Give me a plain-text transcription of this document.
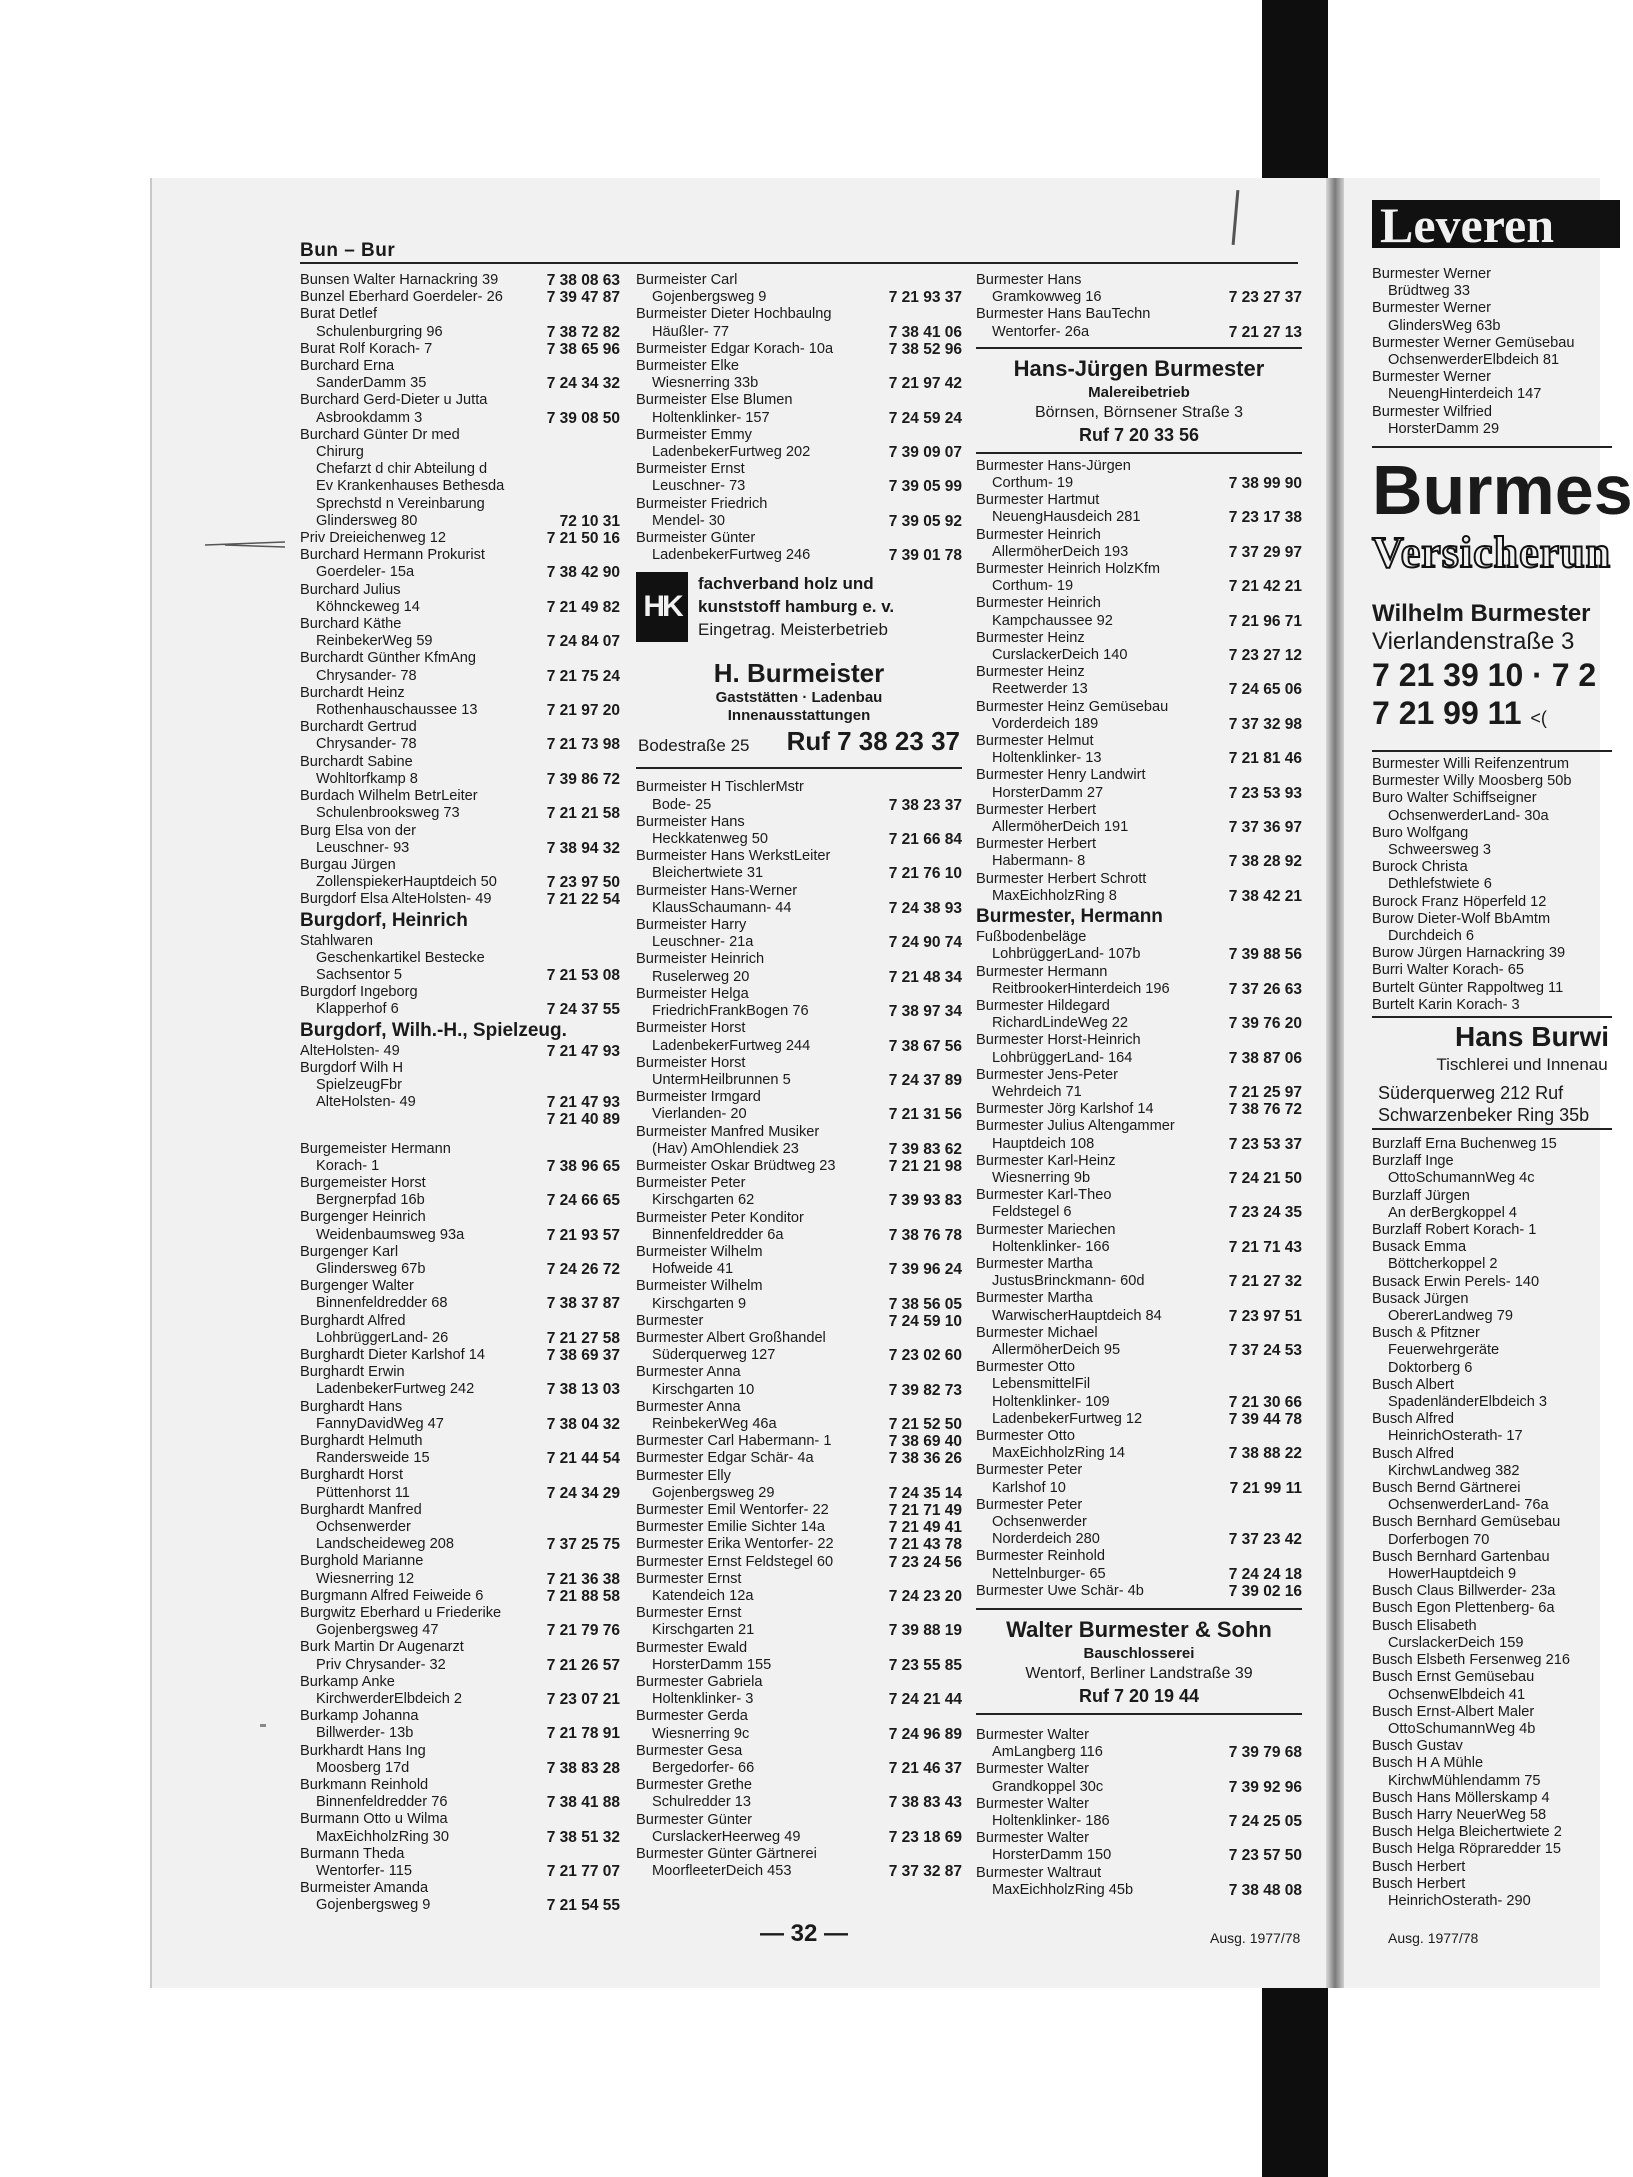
Bun – Bur
Bunsen Walter Harnackring 39	7 38 08 63
Bunzel Eberhard Goerdeler- 26	7 39 47 87
Burat Detlef
Schulenburgring 96	7 38 72 82
Burat Rolf Korach- 7	7 38 65 96
Burchard Erna
SanderDamm 35	7 24 34 32
Burchard Gerd-Dieter u Jutta
Asbrookdamm 3	7 39 08 50
Burchard Günter Dr med
Chirurg
Chefarzt d chir Abteilung d
Ev Krankenhauses Bethesda
Sprechstd n Vereinbarung
Glindersweg 80	72 10 31
Priv Dreieichenweg 12	7 21 50 16
Burchard Hermann Prokurist
Goerdeler- 15a	7 38 42 90
Burchard Julius
Köhnckeweg 14	7 21 49 82
Burchard Käthe
ReinbekerWeg 59	7 24 84 07
Burchardt Günther KfmAng
Chrysander- 78	7 21 75 24
Burchardt Heinz
Rothenhauschaussee 13	7 21 97 20
Burchardt Gertrud
Chrysander- 78	7 21 73 98
Burchardt Sabine
Wohltorfkamp 8	7 39 86 72
Burdach Wilhelm BetrLeiter
Schulenbrooksweg 73	7 21 21 58
Burg Elsa von der
Leuschner- 93	7 38 94 32
Burgau Jürgen
ZollenspiekerHauptdeich 50	7 23 97 50
Burgdorf Elsa AlteHolsten- 49	7 21 22 54
Burgdorf, Heinrich
Stahlwaren
Geschenkartikel Bestecke
Sachsentor 5	7 21 53 08
Burgdorf Ingeborg
Klapperhof 6	7 24 37 55
Burgdorf, Wilh.-H., Spielzeug.
AlteHolsten- 49	7 21 47 93
Burgdorf Wilh H
SpielzeugFbr
AlteHolsten- 49	7 21 47 93

7 21 40 89
Burgemeister Hermann
Korach- 1	7 38 96 65
Burgemeister Horst
Bergnerpfad 16b	7 24 66 65
Burgenger Heinrich
Weidenbaumsweg 93a	7 21 93 57
Burgenger Karl
Glindersweg 67b	7 24 26 72
Burgenger Walter
Binnenfeldredder 68	7 38 37 87
Burghardt Alfred
LohbrüggerLand- 26	7 21 27 58
Burghardt Dieter Karlshof 14	7 38 69 37
Burghardt Erwin
LadenbekerFurtweg 242	7 38 13 03
Burghardt Hans
FannyDavidWeg 47	7 38 04 32
Burghardt Helmuth
Randersweide 15	7 21 44 54
Burghardt Horst
Püttenhorst 11	7 24 34 29
Burghardt Manfred
Ochsenwerder
Landscheideweg 208	7 37 25 75
Burghold Marianne
Wiesnerring 12	7 21 36 38
Burgmann Alfred Feiweide 6	7 21 88 58
Burgwitz Eberhard u Friederike
Gojenbergsweg 47	7 21 79 76
Burk Martin Dr Augenarzt
Priv Chrysander- 32	7 21 26 57
Burkamp Anke
KirchwerderElbdeich 2	7 23 07 21
Burkamp Johanna
Billwerder- 13b	7 21 78 91
Burkhardt Hans Ing
Moosberg 17d	7 38 83 28
Burkmann Reinhold
Binnenfeldredder 76	7 38 41 88
Burmann Otto u Wilma
MaxEichholzRing 30	7 38 51 32
Burmann Theda
Wentorfer- 115	7 21 77 07
Burmeister Amanda
Gojenbergsweg 9	7 21 54 55
Burmeister Carl
Gojenbergsweg 9	7 21 93 37
Burmeister Dieter Hochbaulng
Häußler- 77	7 38 41 06
Burmeister Edgar Korach- 10a	7 38 52 96
Burmeister Elke
Wiesnerring 33b	7 21 97 42
Burmeister Else Blumen
Holtenklinker- 157	7 24 59 24
Burmeister Emmy
LadenbekerFurtweg 202	7 39 09 07
Burmeister Ernst
Leuschner- 73	7 39 05 99
Burmeister Friedrich
Mendel- 30	7 39 05 92
Burmeister Günter
LadenbekerFurtweg 246	7 39 01 78
HK H
fachverband holz und
kunststoff hamburg e. v.
Eingetrag. Meisterbetrieb
H. Burmeister
Gaststätten · Ladenbau
Innenausstattungen
Bodestraße 25 Ruf 7 38 23 37
Burmeister H TischlerMstr
Bode- 25	7 38 23 37
Burmeister Hans
Heckkatenweg 50	7 21 66 84
Burmeister Hans WerkstLeiter
Bleichertwiete 31	7 21 76 10
Burmeister Hans-Werner
KlausSchaumann- 44	7 24 38 93
Burmeister Harry
Leuschner- 21a	7 24 90 74
Burmeister Heinrich
Ruselerweg 20	7 21 48 34
Burmeister Helga
FriedrichFrankBogen 76	7 38 97 34
Burmeister Horst
LadenbekerFurtweg 244	7 38 67 56
Burmeister Horst
UntermHeilbrunnen 5	7 24 37 89
Burmeister Irmgard
Vierlanden- 20	7 21 31 56
Burmeister Manfred Musiker
(Hav) AmOhlendiek 23	7 39 83 62
Burmeister Oskar Brüdtweg 23	7 21 21 98
Burmeister Peter
Kirschgarten 62	7 39 93 83
Burmeister Peter Konditor
Binnenfeldredder 6a	7 38 76 78
Burmeister Wilhelm
Hofweide 41	7 39 96 24
Burmeister Wilhelm
Kirschgarten 9	7 38 56 05
Burmester	7 24 59 10
Burmester Albert Großhandel
Süderquerweg 127	7 23 02 60
Burmester Anna
Kirschgarten 10	7 39 82 73
Burmester Anna
ReinbekerWeg 46a	7 21 52 50
Burmester Carl Habermann- 1	7 38 69 40
Burmester Edgar Schär- 4a	7 38 36 26
Burmester Elly
Gojenbergsweg 29	7 24 35 14
Burmester Emil Wentorfer- 22	7 21 71 49
Burmester Emilie Sichter 14a	7 21 49 41
Burmester Erika Wentorfer- 22	7 21 43 78
Burmester Ernst Feldstegel 60	7 23 24 56
Burmester Ernst
Katendeich 12a	7 24 23 20
Burmester Ernst
Kirschgarten 21	7 39 88 19
Burmester Ewald
HorsterDamm 155	7 23 55 85
Burmester Gabriela
Holtenklinker- 3	7 24 21 44
Burmester Gerda
Wiesnerring 9c	7 24 96 89
Burmester Gesa
Bergedorfer- 66	7 21 46 37
Burmester Grethe
Schulredder 13	7 38 83 43
Burmester Günter
CurslackerHeerweg 49	7 23 18 69
Burmester Günter Gärtnerei
MoorfleeterDeich 453	7 37 32 87
Burmester Hans
Gramkowweg 16	7 23 27 37
Burmester Hans BauTechn
Wentorfer- 26a	7 21 27 13
Hans-Jürgen Burmester
Malereibetrieb
Börnsen, Börnsener Straße 3
Ruf 7 20 33 56
Burmester Hans-Jürgen
Corthum- 19	7 38 99 90
Burmester Hartmut
NeuengHausdeich 281	7 23 17 38
Burmester Heinrich
AllermöherDeich 193	7 37 29 97
Burmester Heinrich HolzKfm
Corthum- 19	7 21 42 21
Burmester Heinrich
Kampchaussee 92	7 21 96 71
Burmester Heinz
CurslackerDeich 140	7 23 27 12
Burmester Heinz
Reetwerder 13	7 24 65 06
Burmester Heinz Gemüsebau
Vorderdeich 189	7 37 32 98
Burmester Helmut
Holtenklinker- 13	7 21 81 46
Burmester Henry Landwirt
HorsterDamm 27	7 23 53 93
Burmester Herbert
AllermöherDeich 191	7 37 36 97
Burmester Herbert
Habermann- 8	7 38 28 92
Burmester Herbert Schrott
MaxEichholzRing 8	7 38 42 21
Burmester, Hermann
Fußbodenbeläge
LohbrüggerLand- 107b	7 39 88 56
Burmester Hermann
ReitbrookerHinterdeich 196	7 37 26 63
Burmester Hildegard
RichardLindeWeg 22	7 39 76 20
Burmester Horst-Heinrich
LohbrüggerLand- 164	7 38 87 06
Burmester Jens-Peter
Wehrdeich 71	7 21 25 97
Burmester Jörg Karlshof 14	7 38 76 72
Burmester Julius Altengammer
Hauptdeich 108	7 23 53 37
Burmester Karl-Heinz
Wiesnerring 9b	7 24 21 50
Burmester Karl-Theo
Feldstegel 6	7 23 24 35
Burmester Mariechen
Holtenklinker- 166	7 21 71 43
Burmester Martha
JustusBrinckmann- 60d	7 21 27 32
Burmester Martha
WarwischerHauptdeich 84	7 23 97 51
Burmester Michael
AllermöherDeich 95	7 37 24 53
Burmester Otto
LebensmittelFil
Holtenklinker- 109	7 21 30 66
LadenbekerFurtweg 12	7 39 44 78
Burmester Otto
MaxEichholzRing 14	7 38 88 22
Burmester Peter
Karlshof 10	7 21 99 11
Burmester Peter
Ochsenwerder
Norderdeich 280	7 37 23 42
Burmester Reinhold
Nettelnburger- 65	7 24 24 18
Burmester Uwe Schär- 4b	7 39 02 16
Walter Burmester & Sohn
Bauschlosserei
Wentorf, Berliner Landstraße 39
Ruf 7 20 19 44
Burmester Walter
AmLangberg 116	7 39 79 68
Burmester Walter
Grandkoppel 30c	7 39 92 96
Burmester Walter
Holtenklinker- 186	7 24 25 05
Burmester Walter
HorsterDamm 150	7 23 57 50
Burmester Waltraut
MaxEichholzRing 45b	7 38 48 08
— 32 —	Ausg. 1977/78
Leveren
Burmester Werner
Brüdtweg 33
Burmester Werner
GlindersWeg 63b
Burmester Werner Gemüsebau
OchsenwerderElbdeich 81
Burmester Werner
NeuengHinterdeich 147
Burmester Wilfried
HorsterDamm 29
Burmes
Versicherun
Wilhelm Burmester
Vierlandenstraße 3
7 21 39 10 · 7 2
7 21 99 11 <(
Burmester Willi Reifenzentrum
Burmester Willy Moosberg 50b
Buro Walter Schiffseigner
OchsenwerderLand- 30a
Buro Wolfgang
Schweersweg 3
Burock Christa
Dethlefstwiete 6
Burock Franz Höperfeld 12
Burow Dieter-Wolf BbAmtm
Durchdeich 6
Burow Jürgen Harnackring 39
Burri Walter Korach- 65
Burtelt Günter Rappoltweg 11
Burtelt Karin Korach- 3
Hans Burwi
Tischlerei und Innenau
Süderquerweg 212 Ruf
Schwarzenbeker Ring 35b
Burzlaff Erna Buchenweg 15
Burzlaff Inge
OttoSchumannWeg 4c
Burzlaff Jürgen
An derBergkoppel 4
Burzlaff Robert Korach- 1
Busack Emma
Böttcherkoppel 2
Busack Erwin Perels- 140
Busack Jürgen
ObererLandweg 79
Busch & Pfitzner
Feuerwehrgeräte
Doktorberg 6
Busch Albert
SpadenländerElbdeich 3
Busch Alfred
HeinrichOsterath- 17
Busch Alfred
KirchwLandweg 382
Busch Bernd Gärtnerei
OchsenwerderLand- 76a
Busch Bernhard Gemüsebau
Dorferbogen 70
Busch Bernhard Gartenbau
HowerHauptdeich 9
Busch Claus Billwerder- 23a
Busch Egon Plettenberg- 6a
Busch Elisabeth
CurslackerDeich 159
Busch Elsbeth Fersenweg 216
Busch Ernst Gemüsebau
OchsenwElbdeich 41
Busch Ernst-Albert Maler
OttoSchumannWeg 4b
Busch Gustav
Busch H A Mühle
KirchwMühlendamm 75
Busch Hans Möllerskamp 4
Busch Harry NeuerWeg 58
Busch Helga Bleichertwiete 2
Busch Helga Röpraredder 15
Busch Herbert
Busch Herbert
HeinrichOsterath- 290
Ausg. 1977/78
